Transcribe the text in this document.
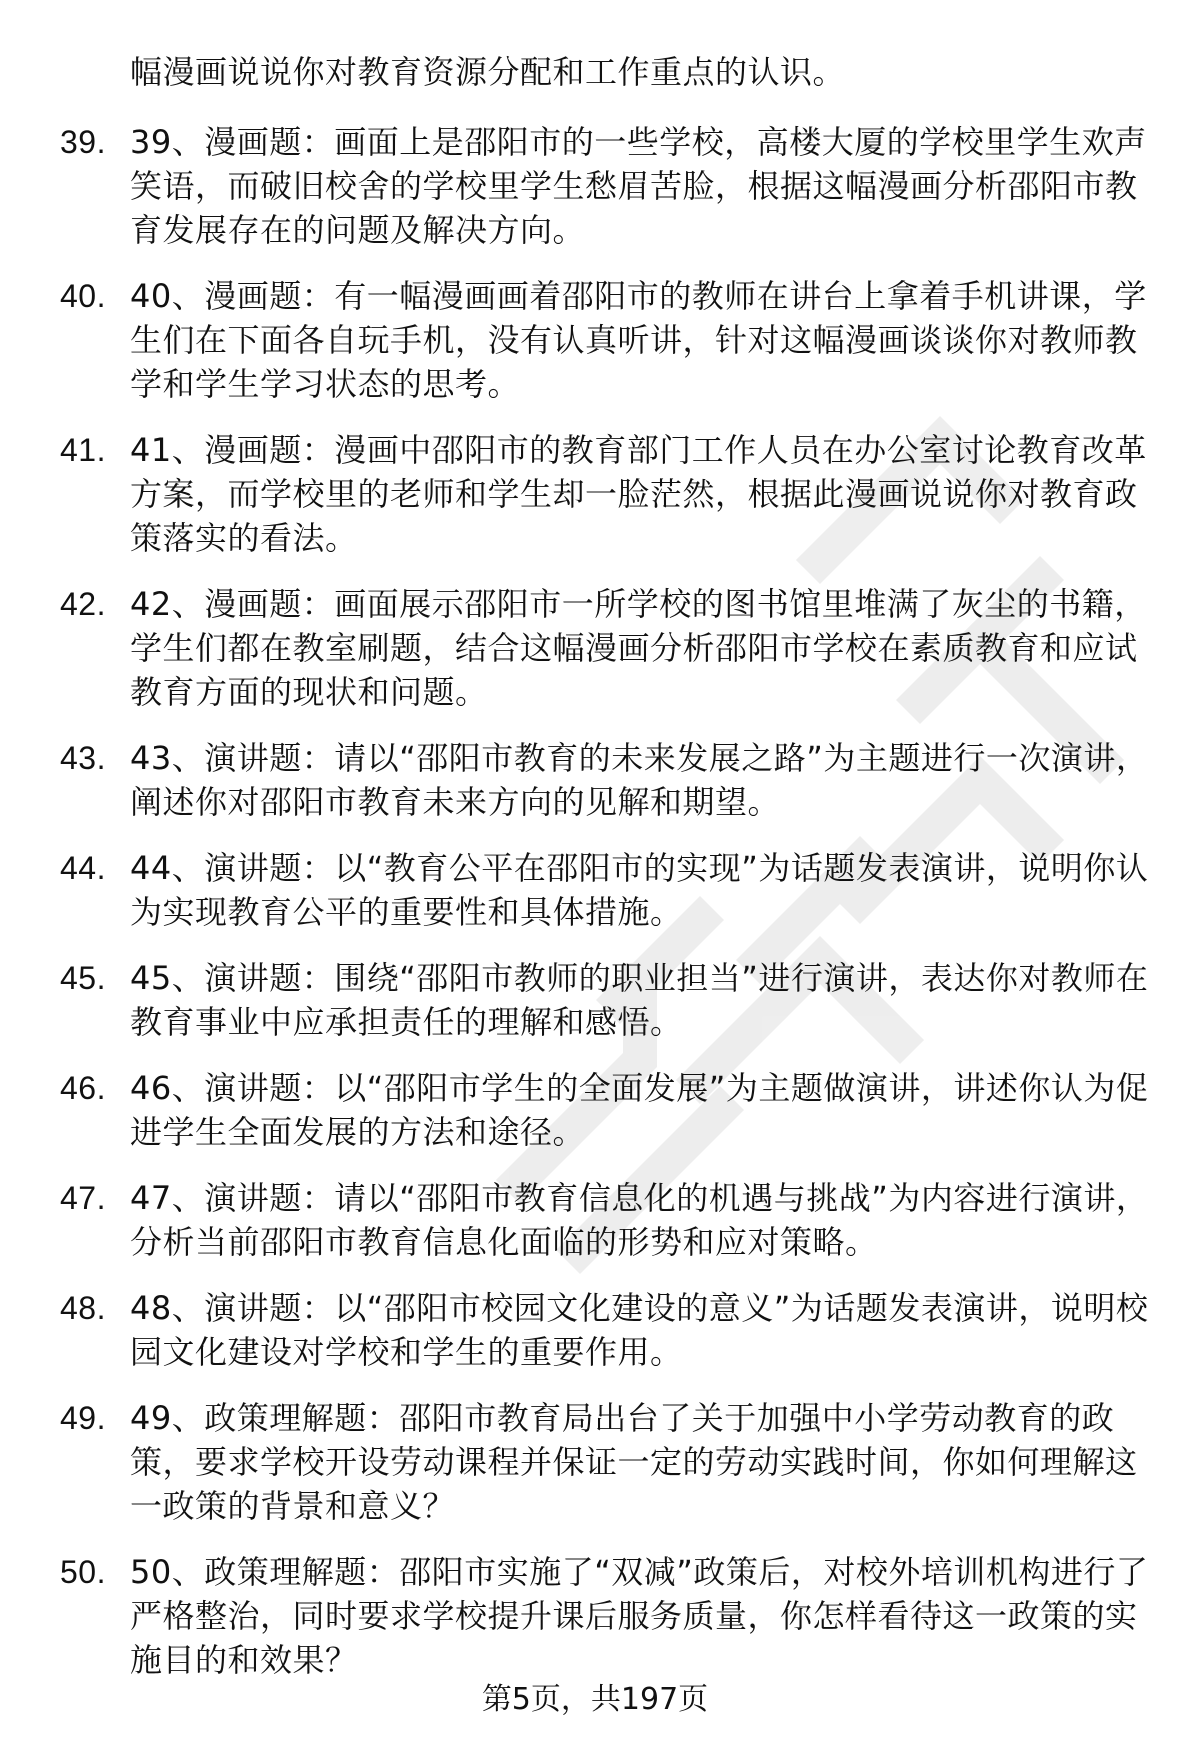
幅漫画说说你对教育资源分配和工作重点的认识。

39. 39、漫画题：画面上是邵阳市的一些学校，高楼大厦的学校里学生欢声笑语，而破旧校舍的学校里学生愁眉苦脸，根据这幅漫画分析邵阳市教育发展存在的问题及解决方向。
40. 40、漫画题：有一幅漫画画着邵阳市的教师在讲台上拿着手机讲课，学生们在下面各自玩手机，没有认真听讲，针对这幅漫画谈谈你对教师教学和学生学习状态的思考。
41. 41、漫画题：漫画中邵阳市的教育部门工作人员在办公室讨论教育改革方案，而学校里的老师和学生却一脸茫然，根据此漫画说说你对教育政策落实的看法。
42. 42、漫画题：画面展示邵阳市一所学校的图书馆里堆满了灰尘的书籍，学生们都在教室刷题，结合这幅漫画分析邵阳市学校在素质教育和应试教育方面的现状和问题。
43. 43、演讲题：请以“邵阳市教育的未来发展之路”为主题进行一次演讲，阐述你对邵阳市教育未来方向的见解和期望。
44. 44、演讲题：以“教育公平在邵阳市的实现”为话题发表演讲，说明你认为实现教育公平的重要性和具体措施。
45. 45、演讲题：围绕“邵阳市教师的职业担当”进行演讲，表达你对教师在教育事业中应承担责任的理解和感悟。
46. 46、演讲题：以“邵阳市学生的全面发展”为主题做演讲，讲述你认为促进学生全面发展的方法和途径。
47. 47、演讲题：请以“邵阳市教育信息化的机遇与挑战”为内容进行演讲，分析当前邵阳市教育信息化面临的形势和应对策略。
48. 48、演讲题：以“邵阳市校园文化建设的意义”为话题发表演讲，说明校园文化建设对学校和学生的重要作用。
49. 49、政策理解题：邵阳市教育局出台了关于加强中小学劳动教育的政策，要求学校开设劳动课程并保证一定的劳动实践时间，你如何理解这一政策的背景和意义？
50. 50、政策理解题：邵阳市实施了“双减”政策后，对校外培训机构进行了严格整治，同时要求学校提升课后服务质量，你怎样看待这一政策的实施目的和效果？
第5页，共197页
